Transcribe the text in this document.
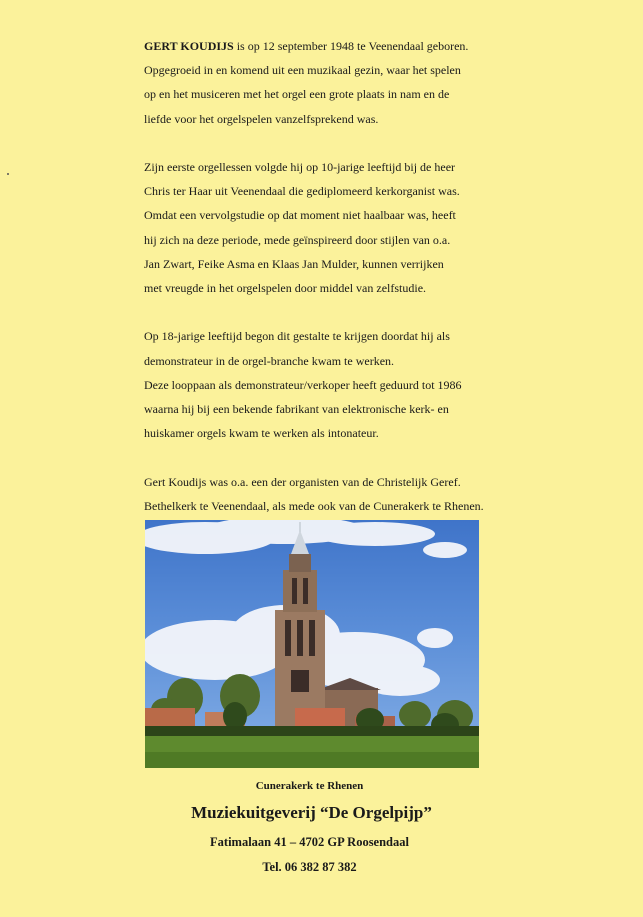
GERT KOUDIJS is op 12 september 1948 te Veenendaal geboren.
Opgegroeid in en komend uit een muzikaal gezin, waar het spelen
op en het musiceren met het orgel een grote plaats in nam en de
liefde voor het orgelspelen vanzelfsprekend was.

Zijn eerste orgellessen volgde hij op 10-jarige leeftijd bij de heer
Chris ter Haar uit Veenendaal die gediplomeerd kerkorganist was.
Omdat een vervolgstudie op dat moment niet haalbaar was, heeft
hij zich na deze periode, mede geïnspireerd door stijlen van o.a.
Jan Zwart, Feike Asma en Klaas Jan Mulder, kunnen verrijken
met vreugde in het orgelspelen door middel van zelfstudie.

Op 18-jarige leeftijd begon dit gestalte te krijgen doordat hij als
demonstrateur in de orgel-branche kwam te werken.
Deze looppaan als demonstrateur/verkoper heeft geduurd tot 1986
waarna hij bij een bekende fabrikant van elektronische kerk- en
huiskamer orgels kwam te werken als intonateur.

Gert Koudijs was o.a. een der organisten van de Christelijk Geref.
Bethelkerk te Veenendaal, als mede ook van de Cunerakerk te Rhenen.

Cunerakerk te Rhenen
Muziekuitgeverij “De Orgelpijp”
Fatimalaan 41 – 4702 GP Roosendaal
Tel. 06 382 87 382
